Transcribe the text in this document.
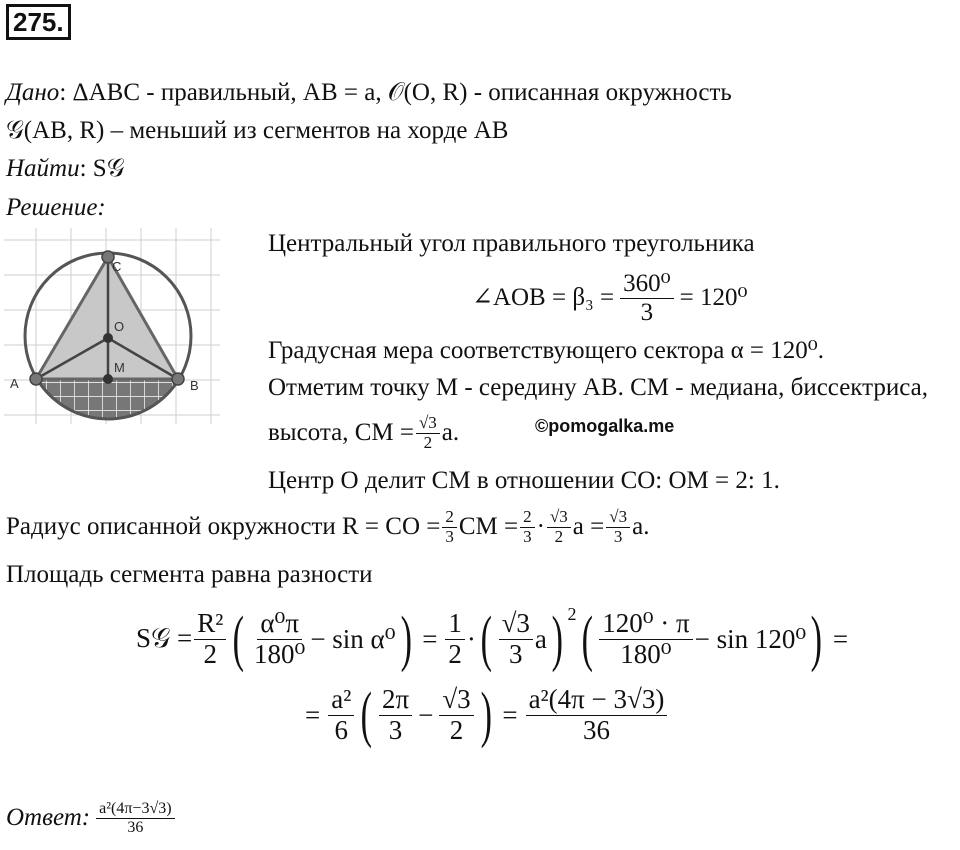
275.
Дано: ΔABC - правильный, AB = a, 𝒪(O, R) - описанная окружность
𝒢(AB, R) – меньший из сегментов на хорде AB
Найти: S𝒢
Решение:
C
O
M
A	B
Центральный угол правильного треугольника
∠AOB = $\beta_3 = \frac{\text{360⁰}}{3} = 120^0$
Градусная мера соответствующего сектора α = 120⁰.
Отметим точку M - середину AB. CM - медиана, биссектриса,
высота, CM = $\frac{√3}{2} a$.	©pomogalka.me
Центр O делит CM в отношении CO: OM = 2: 1.
Радиус описанной окружности R = CO = $\frac{2}{3}$ CM = $\frac{2}{3} \cdot \frac{√3}{2}$ $a = \frac{√3}{3} a$.
Площадь сегмента равна разности
S𝒢 = $\frac{\text{R²}}{2}$ ( $\frac{\text{α⁰π}}{\text{180⁰}} - \sin \alpha^0$ ) = $\frac{1}{2}$ · ( $\frac{√3}{3}$ a ) 2 ( $\frac{\text{120⁰ · π}}{\text{180⁰}} - \sin 120^0$ ) =
= $\frac{\text{a²}}{6}$ ( $\frac{2\pi}{3} - \frac{√3}{2}$ ) = $\frac{\text{a²(4π − 3√3)}}{36}$
Ответ: $\frac{\text{a²(4π−3√3)}}{36}$
